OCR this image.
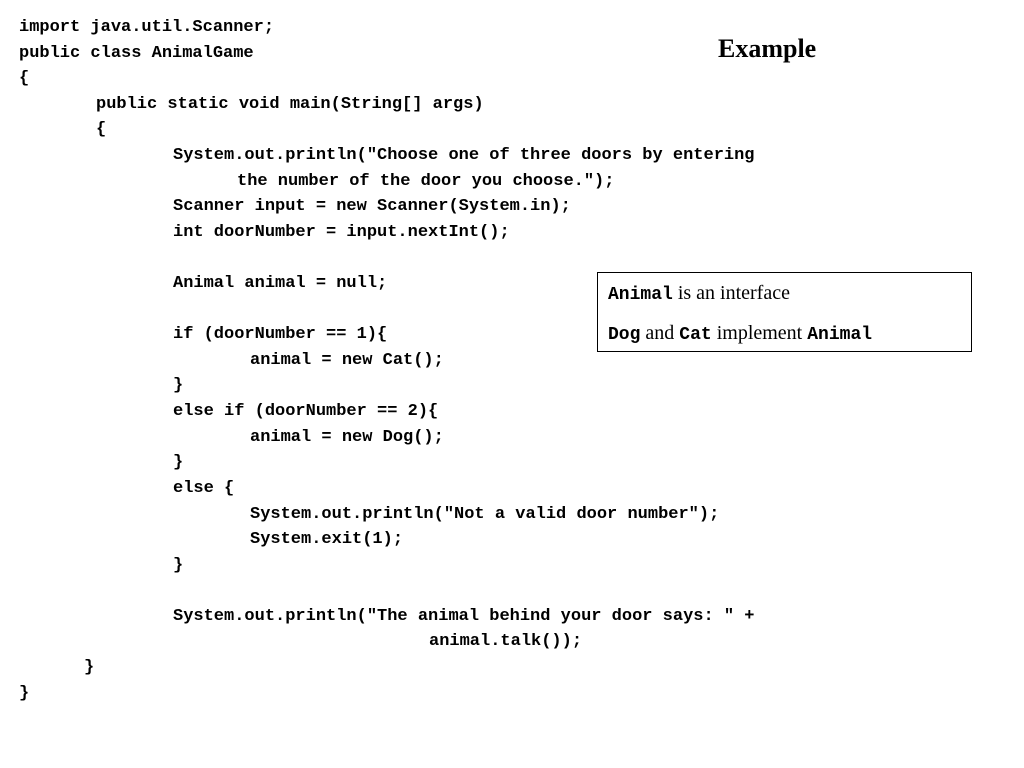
Example
import java.util.Scanner;
public class AnimalGame
{
public static void main(String[] args)
{
System.out.println("Choose one of three doors by entering
the number of the door you choose.");
Scanner input = new Scanner(System.in);
int doorNumber = input.nextInt();
Animal animal = null;
if (doorNumber == 1){
animal = new Cat();
}
else if (doorNumber == 2){
animal = new Dog();
}
else {
System.out.println("Not a valid door number");
System.exit(1);
}
System.out.println("The animal behind your door says: " +
animal.talk());
}
}
Animal is an interface
Dog and Cat implement Animal
